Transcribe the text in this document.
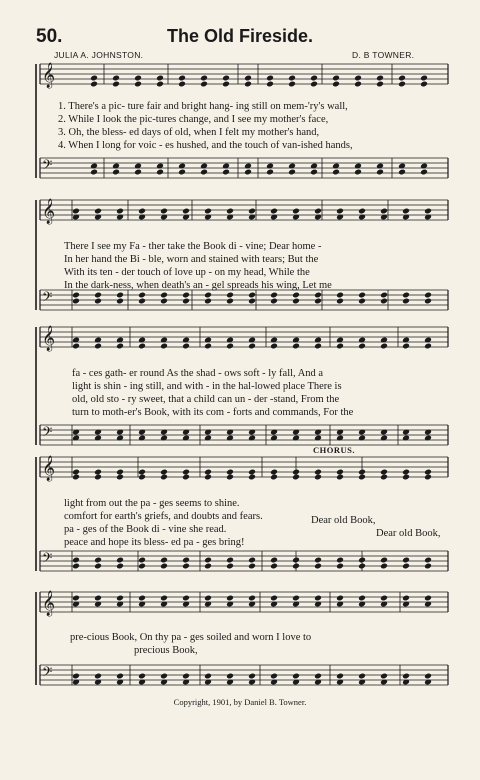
𝄞
𝄢
𝄞
𝄢
𝄞
𝄢
𝄞
𝄢
𝄞
𝄢
50.	The Old Fireside.
JULIA A. JOHNSTON.	D. B TOWNER.
1. There's a pic- ture fair and bright hang- ing still on mem-'ry's wall,
2. While I look the pic-tures change, and I see my mother's face,
3. Oh, the bless- ed days of old, when I felt my mother's hand,
4. When I long for voic - es hushed, and the touch of van-ished hands,
There I see my Fa - ther take the Book di - vine; Dear home -
In her hand the Bi - ble, worn and stained with tears; But the
With its ten - der touch of love up - on my head, While the
In the dark-ness, when death's an - gel spreads his wing, Let me
fa - ces gath- er round As the shad - ows soft - ly fall, And a
light is shin - ing still, and with - in the hal-lowed place There is
old, old sto - ry sweet, that a child can un - der -stand, From the
turn to moth-er's Book, with its com - forts and commands, For the
CHORUS.
light from out the pa - ges seems to shine.
comfort for earth's griefs, and doubts and fears.
pa - ges of the Book di - vine she read.
peace and hope its bless- ed pa - ges bring!
Dear old Book,
Dear old Book,
pre-cious Book, On thy pa - ges soiled and worn I love to
precious Book,
Copyright, 1901, by Daniel B. Towner.
